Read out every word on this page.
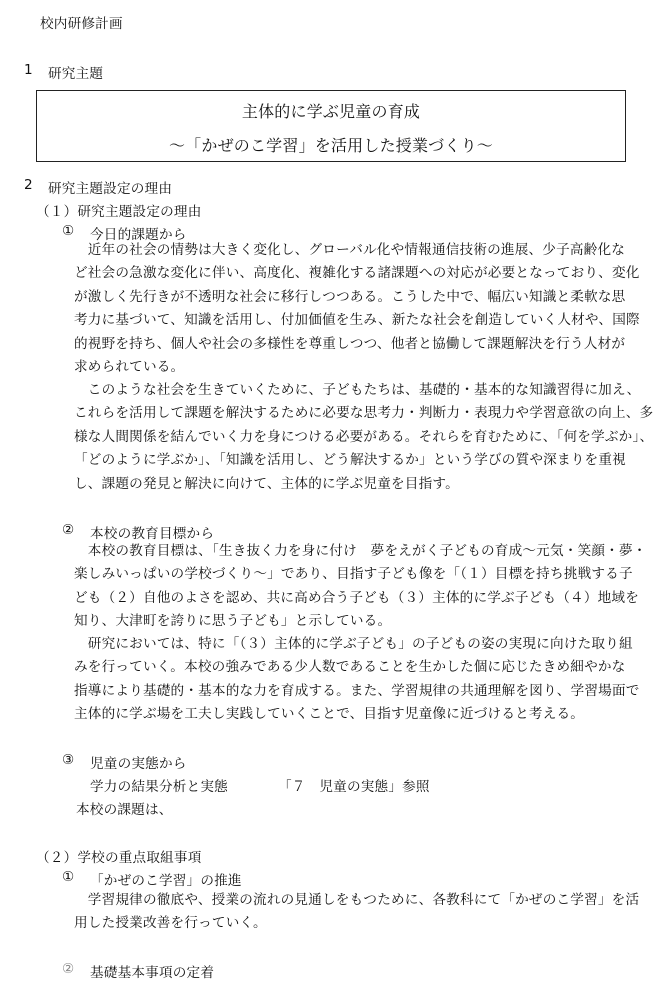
校内研修計画
1 研究主題
主体的に学ぶ児童の育成
～「かぜのこ学習」を活用した授業づくり～
2 研究主題設定の理由
（１）研究主題設定の理由
① 今日的課題から
　近年の社会の情勢は大きく変化し、グローバル化や情報通信技術の進展、少子高齢化な
ど社会の急激な変化に伴い、高度化、複雑化する諸課題への対応が必要となっており、変化
が激しく先行きが不透明な社会に移行しつつある。こうした中で、幅広い知識と柔軟な思
考力に基づいて、知識を活用し、付加価値を生み、新たな社会を創造していく人材や、国際
的視野を持ち、個人や社会の多様性を尊重しつつ、他者と協働して課題解決を行う人材が
求められている。
　このような社会を生きていくために、子どもたちは、基礎的・基本的な知識習得に加え、
これらを活用して課題を解決するために必要な思考力・判断力・表現力や学習意欲の向上、多
様な人間関係を結んでいく力を身につける必要がある。それらを育むために、「何を学ぶか」、
「どのように学ぶか」、「知識を活用し、どう解決するか」という学びの質や深まりを重視
し、課題の発見と解決に向けて、主体的に学ぶ児童を目指す。
② 本校の教育目標から
　本校の教育目標は、「生き抜く力を身に付け　夢をえがく子どもの育成～元気・笑顔・夢・
楽しみいっぱいの学校づくり～」であり、目指す子ども像を「（１）目標を持ち挑戦する子
ども（２）自他のよさを認め、共に高め合う子ども（３）主体的に学ぶ子ども（４）地域を
知り、大津町を誇りに思う子ども」と示している。
　研究においては、特に「（３）主体的に学ぶ子ども」の子どもの姿の実現に向けた取り組
みを行っていく。本校の強みである少人数であることを生かした個に応じたきめ細やかな
指導により基礎的・基本的な力を育成する。また、学習規律の共通理解を図り、学習場面で
主体的に学ぶ場を工夫し実践していくことで、目指す児童像に近づけると考える。
③ 児童の実態から
学力の結果分析と実態	「７　児童の実態」参照
本校の課題は、
（２）学校の重点取組事項
① 「かぜのこ学習」の推進
　学習規律の徹底や、授業の流れの見通しをもつために、各教科にて「かぜのこ学習」を活
用した授業改善を行っていく。
② 基礎基本事項の定着
